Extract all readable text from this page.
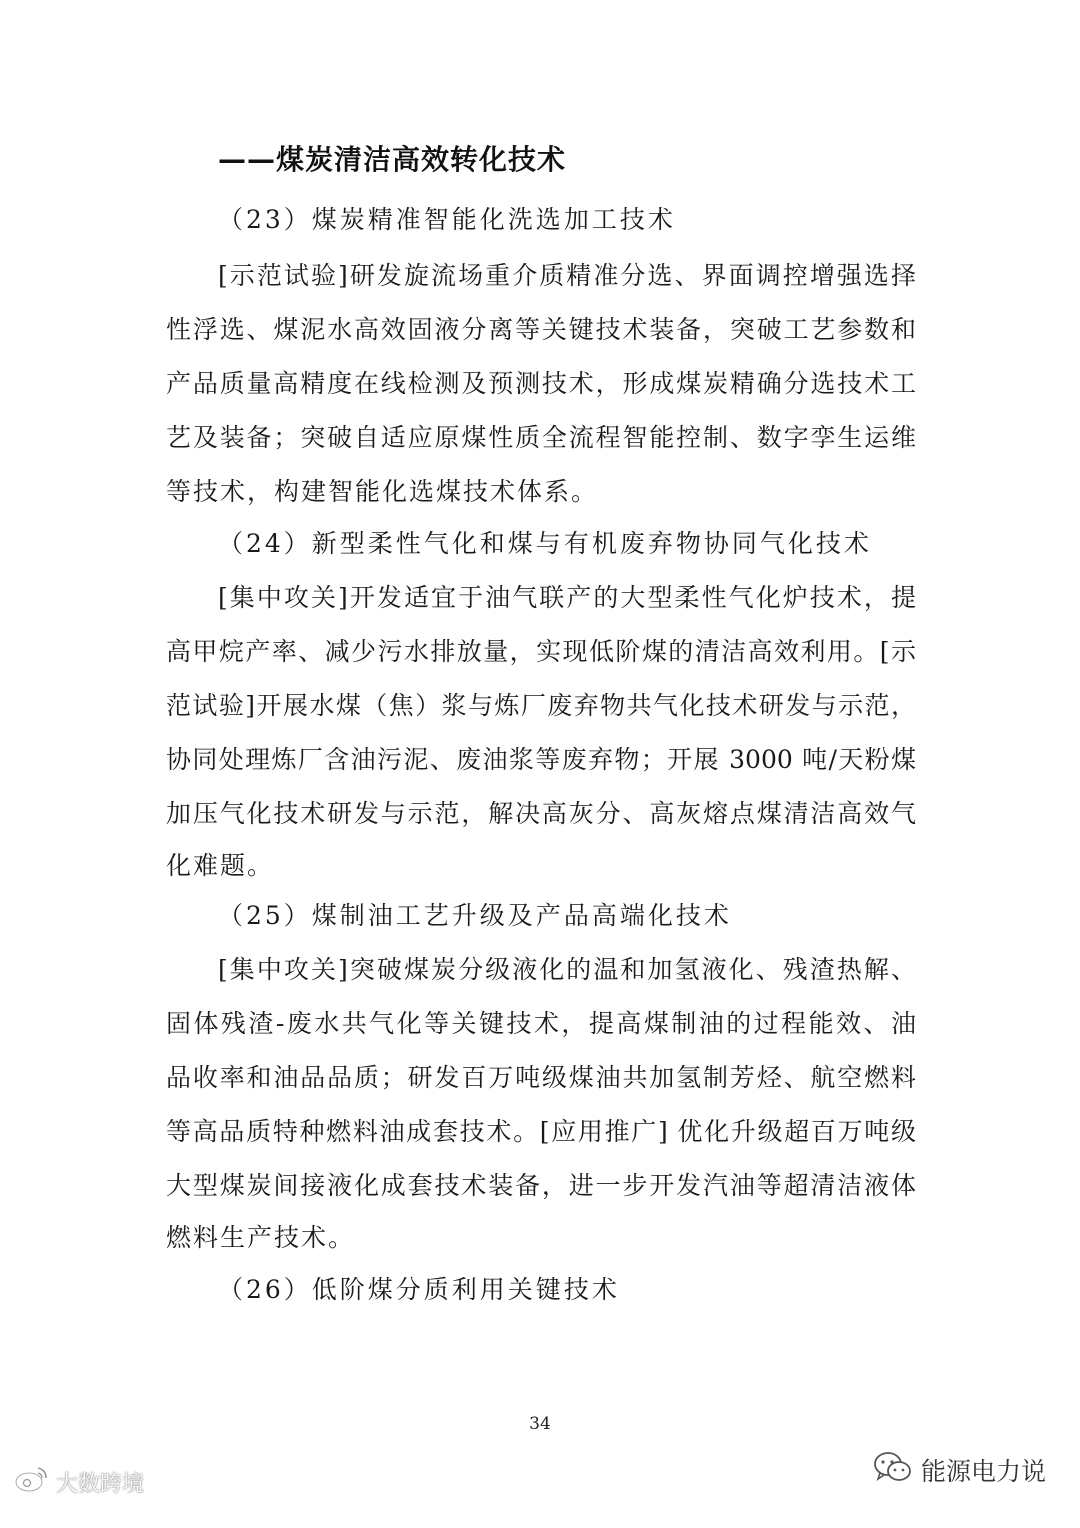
——煤炭清洁高效转化技术
（23）煤炭精准智能化洗选加工技术
[示范试验]研发旋流场重介质精准分选、界面调控增强选择
性浮选、煤泥水高效固液分离等关键技术装备，突破工艺参数和
产品质量高精度在线检测及预测技术，形成煤炭精确分选技术工
艺及装备；突破自适应原煤性质全流程智能控制、数字孪生运维
等技术，构建智能化选煤技术体系。
（24）新型柔性气化和煤与有机废弃物协同气化技术
[集中攻关]开发适宜于油气联产的大型柔性气化炉技术，提
高甲烷产率、减少污水排放量，实现低阶煤的清洁高效利用。[示
范试验]开展水煤（焦）浆与炼厂废弃物共气化技术研发与示范，
协同处理炼厂含油污泥、废油浆等废弃物；开展 3000 吨/天粉煤
加压气化技术研发与示范，解决高灰分、高灰熔点煤清洁高效气
化难题。
（25）煤制油工艺升级及产品高端化技术
[集中攻关]突破煤炭分级液化的温和加氢液化、残渣热解、
固体残渣-废水共气化等关键技术，提高煤制油的过程能效、油
品收率和油品品质；研发百万吨级煤油共加氢制芳烃、航空燃料
等高品质特种燃料油成套技术。[应用推广] 优化升级超百万吨级
大型煤炭间接液化成套技术装备，进一步开发汽油等超清洁液体
燃料生产技术。
（26）低阶煤分质利用关键技术
34
大数跨境	能源电力说
